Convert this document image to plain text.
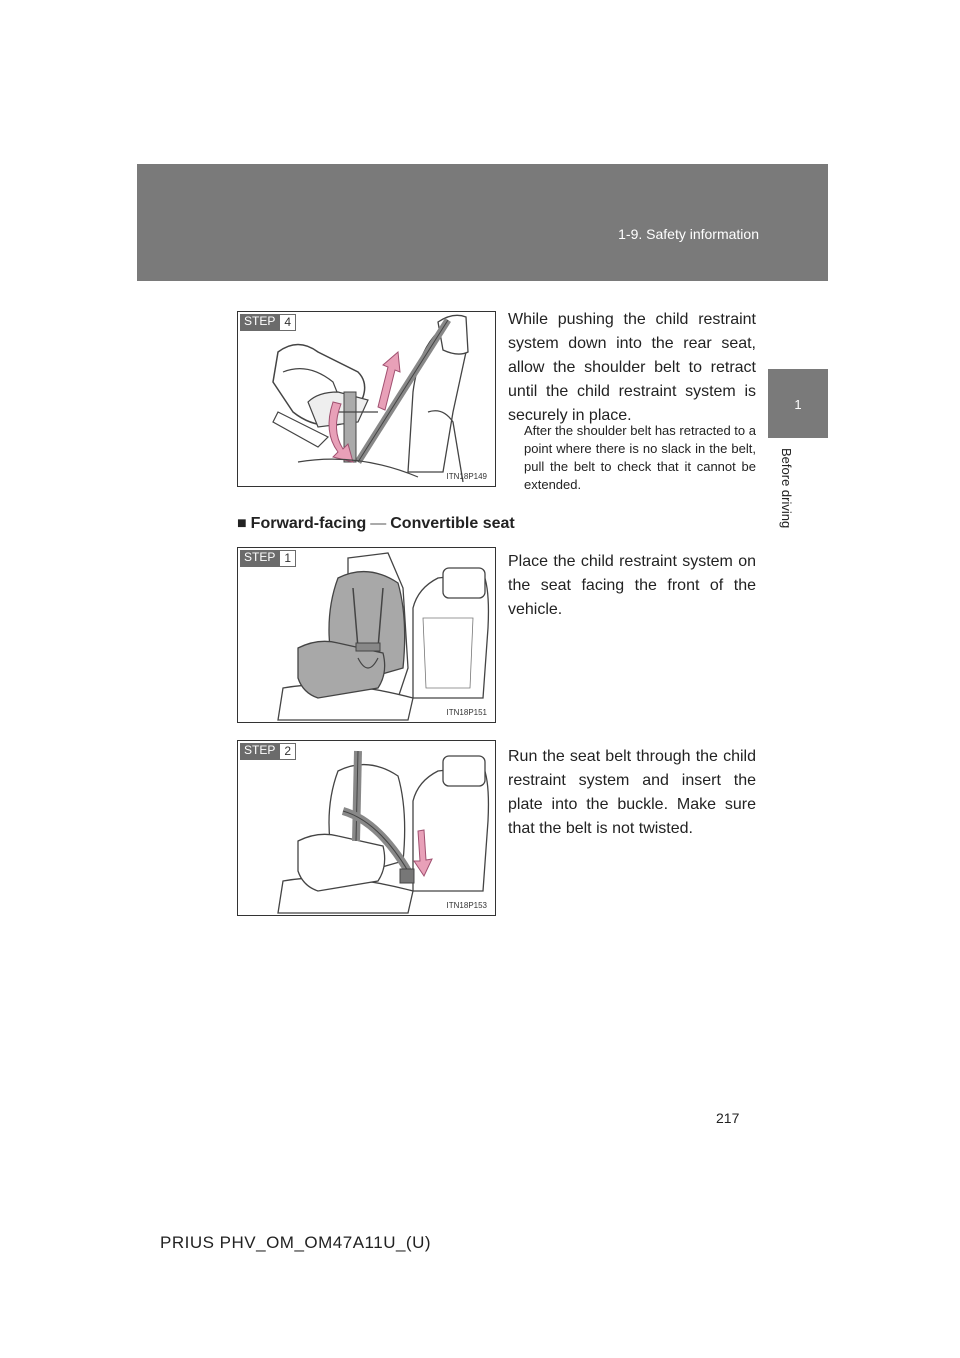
1-9. Safety information
1
Before driving
STEP 4
ITN18P149
While pushing the child restraint system down into the rear seat, allow the shoulder belt to retract until the child restraint system is securely in place.
After the shoulder belt has retracted to a point where there is no slack in the belt, pull the belt to check that it cannot be extended.
■ Forward-facing — Convertible seat
STEP 1
ITN18P151
Place the child restraint system on the seat facing the front of the vehicle.
STEP 2
ITN18P153
Run the seat belt through the child restraint system and insert the plate into the buckle. Make sure that the belt is not twisted.
217
PRIUS PHV_OM_OM47A11U_(U)
